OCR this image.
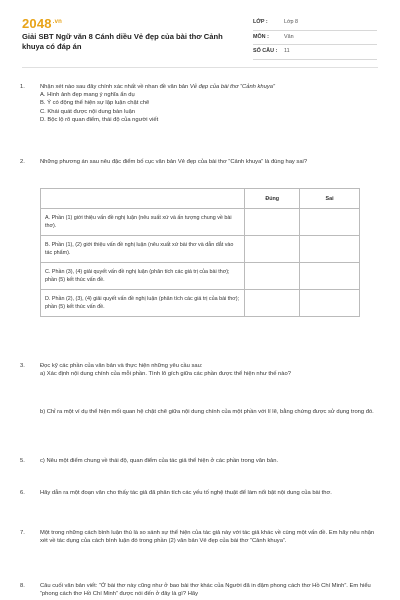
$2048^{.vn}$
Giải SBT Ngữ văn 8 Cánh diều Vẻ đẹp của bài thơ Cảnh khuya có đáp án
LỚP :	Lớp 8
MÔN :	Văn
SỐ CÂU : 11
1.	Nhận xét nào sau đây chính xác nhất về nhan đề văn bản Vẻ đẹp của bài thơ “Cảnh khuya”
A. Hình ảnh đẹp mang ý nghĩa ẩn dụ
B. Ý có động thể hiện sự lập luận chặt chẽ
C. Khái quát được nội dung bàn luận
D. Bộc lộ rõ quan điểm, thái độ của người viết
2.	Những phương án sau nêu đặc điểm bố cục văn bản Vẻ đẹp của bài thơ “Cảnh khuya” là đúng hay sai?
	Đúng	Sai
A. Phần (1) giới thiệu vấn đề nghị luận (nêu xuất xứ và ấn tượng chung về bài thơ).		
B. Phần (1), (2) giới thiệu vấn đề nghị luận (nêu xuất xứ bài thơ và dẫn dắt vào tác phẩm).		
C. Phần (3), (4) giải quyết vấn đề nghị luận (phân tích các giá trị của bài thơ); phần (5) kết thúc vấn đề.		
D. Phần (2), (3), (4) giải quyết vấn đề nghị luận (phân tích các giá trị của bài thơ); phần (5) kết thúc vấn đề.		
3.	Đọc kỹ các phần của văn bản và thực hiện những yêu cầu sau:
a) Xác định nội dung chính của mỗi phần. Tình lô gích giữa các phần được thể hiện như thế nào?
b) Chỉ ra một ví dụ thể hiện mối quan hệ chặt chẽ giữa nội dung chính của một phần với lí lẽ, bằng chứng được sử dụng trong đó.
5.	c) Nêu một điểm chung về thái độ, quan điểm của tác giả thể hiện ở các phần trong văn bản.
6.	Hãy dẫn ra một đoạn văn cho thấy tác giả đã phân tích các yếu tố nghệ thuật để làm nổi bật nội dung của bài thơ.
7.	Một trong những cách bình luận thú là so sánh sự thể hiện của tác giả này với tác giả khác về cùng một vấn đề. Em hãy nêu nhận xét về tác dụng của cách bình luận đó trong phần (2) văn bản Vẻ đẹp của bài thơ “Cảnh khuya”.
8.	Câu cuối văn bản viết: “Ở bài thơ này cũng như ở bao bài thơ khác của Người đã in đậm phong cách thơ Hồ Chí Minh”. Em hiểu “phong cách thơ Hồ Chí Minh” được nói đến ở đây là gì? Hãy
